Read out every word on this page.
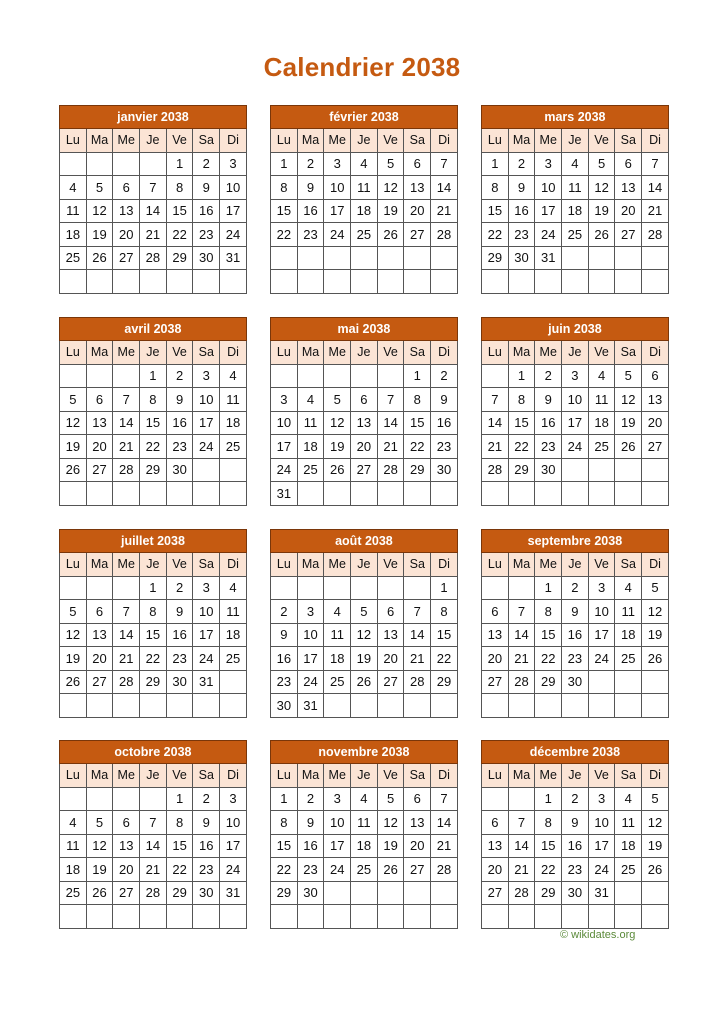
Calendrier 2038
janvier 2038						
Lu	Ma	Me	Je	Ve	Sa	Di
				1	2	3
4	5	6	7	8	9	10
11	12	13	14	15	16	17
18	19	20	21	22	23	24
25	26	27	28	29	30	31

février 2038						
Lu	Ma	Me	Je	Ve	Sa	Di
1	2	3	4	5	6	7
8	9	10	11	12	13	14
15	16	17	18	19	20	21
22	23	24	25	26	27	28

mars 2038						
Lu	Ma	Me	Je	Ve	Sa	Di
1	2	3	4	5	6	7
8	9	10	11	12	13	14
15	16	17	18	19	20	21
22	23	24	25	26	27	28
29	30	31				

avril 2038						
Lu	Ma	Me	Je	Ve	Sa	Di
			1	2	3	4
5	6	7	8	9	10	11
12	13	14	15	16	17	18
19	20	21	22	23	24	25
26	27	28	29	30		

mai 2038						
Lu	Ma	Me	Je	Ve	Sa	Di
					1	2
3	4	5	6	7	8	9
10	11	12	13	14	15	16
17	18	19	20	21	22	23
24	25	26	27	28	29	30
31						
juin 2038						
Lu	Ma	Me	Je	Ve	Sa	Di
	1	2	3	4	5	6
7	8	9	10	11	12	13
14	15	16	17	18	19	20
21	22	23	24	25	26	27
28	29	30				

juillet 2038						
Lu	Ma	Me	Je	Ve	Sa	Di
			1	2	3	4
5	6	7	8	9	10	11
12	13	14	15	16	17	18
19	20	21	22	23	24	25
26	27	28	29	30	31	

août 2038						
Lu	Ma	Me	Je	Ve	Sa	Di
						1
2	3	4	5	6	7	8
9	10	11	12	13	14	15
16	17	18	19	20	21	22
23	24	25	26	27	28	29
30	31					
septembre 2038						
Lu	Ma	Me	Je	Ve	Sa	Di
		1	2	3	4	5
6	7	8	9	10	11	12
13	14	15	16	17	18	19
20	21	22	23	24	25	26
27	28	29	30			

octobre 2038						
Lu	Ma	Me	Je	Ve	Sa	Di
				1	2	3
4	5	6	7	8	9	10
11	12	13	14	15	16	17
18	19	20	21	22	23	24
25	26	27	28	29	30	31

novembre 2038						
Lu	Ma	Me	Je	Ve	Sa	Di
1	2	3	4	5	6	7
8	9	10	11	12	13	14
15	16	17	18	19	20	21
22	23	24	25	26	27	28
29	30					

décembre 2038						
Lu	Ma	Me	Je	Ve	Sa	Di
		1	2	3	4	5
6	7	8	9	10	11	12
13	14	15	16	17	18	19
20	21	22	23	24	25	26
27	28	29	30	31		

© wikidates.org
